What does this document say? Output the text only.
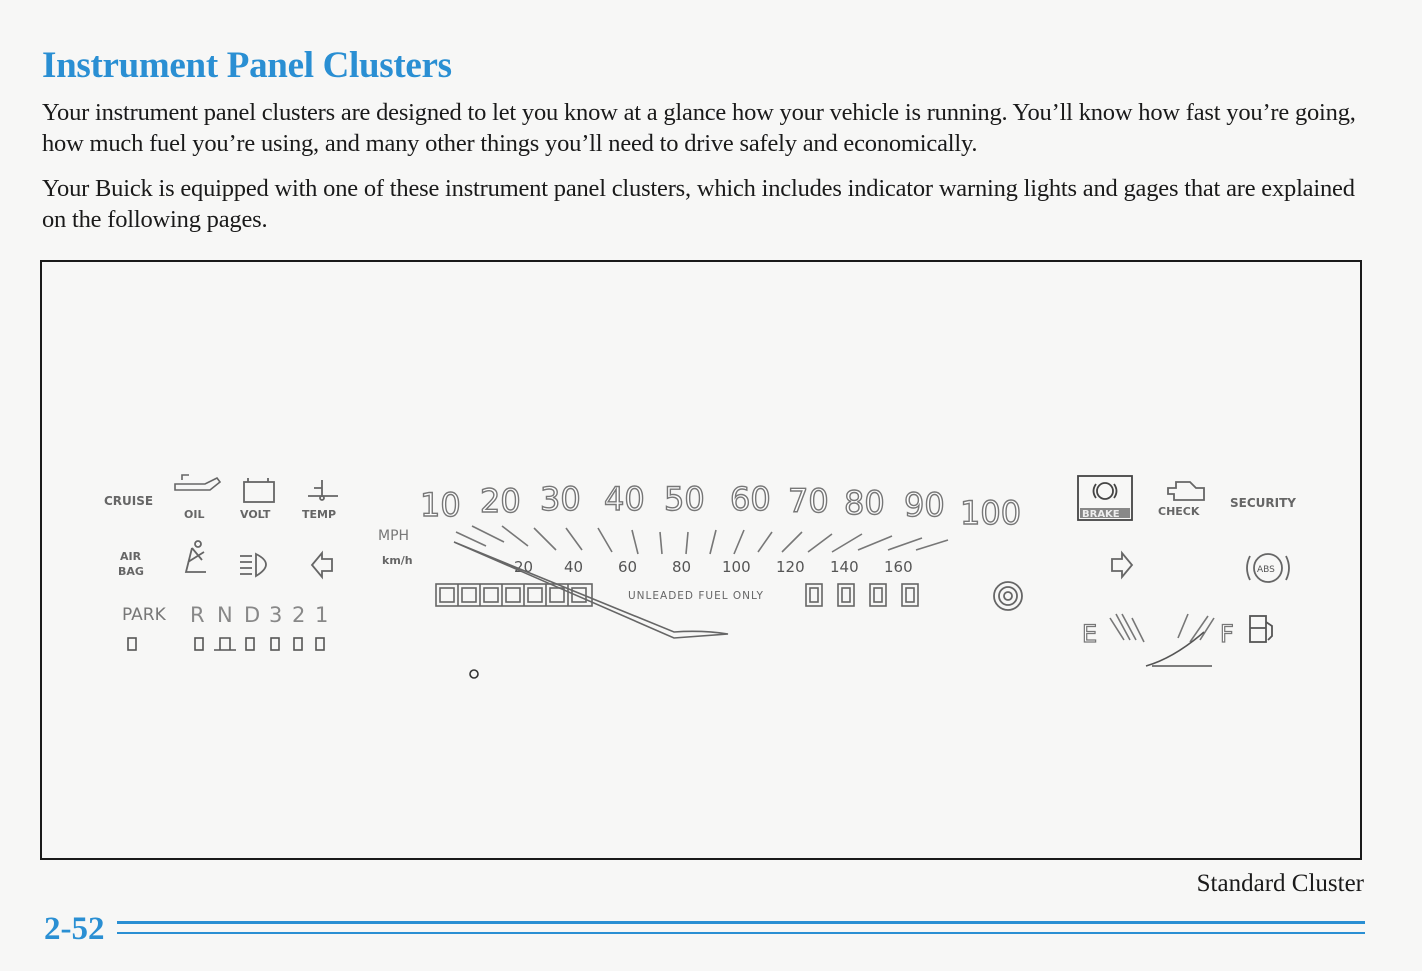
Instrument Panel Clusters
Your instrument panel clusters are designed to let you know at a glance how your vehicle is running. You’ll know how fast you’re going, how much fuel you’re using, and many other things you’ll need to drive safely and economically.
Your Buick is equipped with one of these instrument panel clusters, which includes indicator warning lights and gages that are explained on the following pages.
CRUISE
OIL	VOLT	TEMP
AIR
BAG
PARK R N D 3 2 1
MPH
km/h
10 20 30 40 50 60 70 80 90 100
20 40 60 80 100 120 140 160
UNLEADED FUEL ONLY
BRAKE	CHECK
SECURITY
ABS
E	F
Standard Cluster
2-52
